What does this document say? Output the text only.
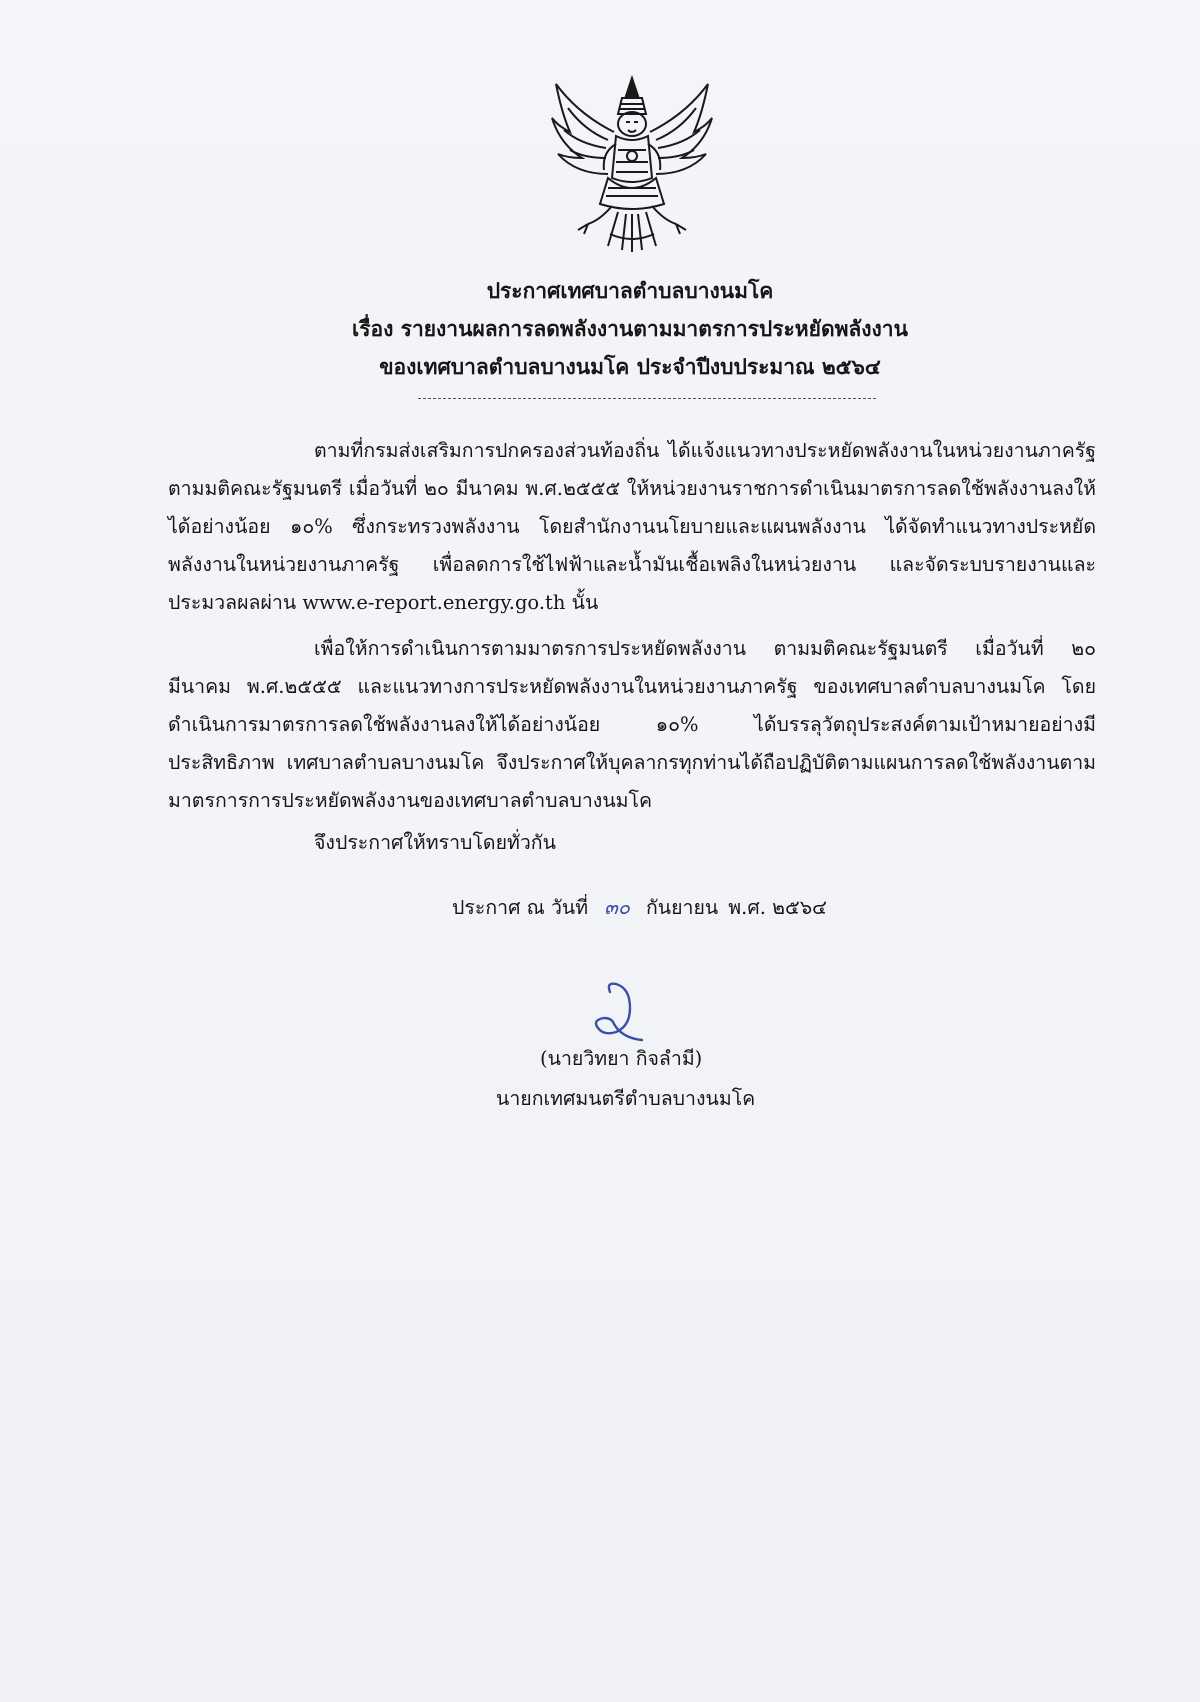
ประกาศเทศบาลตำบลบางนมโค
เรื่อง รายงานผลการลดพลังงานตามมาตรการประหยัดพลังงาน
ของเทศบาลตำบลบางนมโค ประจำปีงบประมาณ ๒๕๖๔

ตามที่กรมส่งเสริมการปกครองส่วนท้องถิ่น ได้แจ้งแนวทางประหยัดพลังงานในหน่วยงานภาครัฐตามมติคณะรัฐมนตรี เมื่อวันที่ ๒๐ มีนาคม พ.ศ.๒๕๕๕ ให้หน่วยงานราชการดำเนินมาตรการลดใช้พลังงานลงให้ได้อย่างน้อย ๑๐% ซึ่งกระทรวงพลังงาน โดยสำนักงานนโยบายและแผนพลังงาน ได้จัดทำแนวทางประหยัดพลังงานในหน่วยงานภาครัฐ เพื่อลดการใช้ไฟฟ้าและน้ำมันเชื้อเพลิงในหน่วยงาน และจัดระบบรายงานและประมวลผลผ่าน www.e-report.energy.go.th นั้น

เพื่อให้การดำเนินการตามมาตรการประหยัดพลังงาน ตามมติคณะรัฐมนตรี เมื่อวันที่ ๒๐ มีนาคม พ.ศ.๒๕๕๕ และแนวทางการประหยัดพลังงานในหน่วยงานภาครัฐ ของเทศบาลตำบลบางนมโค โดยดำเนินการมาตรการลดใช้พลังงานลงให้ได้อย่างน้อย ๑๐% ได้บรรลุวัตถุประสงค์ตามเป้าหมายอย่างมีประสิทธิภาพ เทศบาลตำบลบางนมโค จึงประกาศให้บุคลากรทุกท่านได้ถือปฏิบัติตามแผนการลดใช้พลังงานตามมาตรการการประหยัดพลังงานของเทศบาลตำบลบางนมโค

จึงประกาศให้ทราบโดยทั่วกัน
ประกาศ ณ วันที่ ๓๐ กันยายน พ.ศ. ๒๕๖๔
(นายวิทยา กิจลำมี)
นายกเทศมนตรีตำบลบางนมโค
